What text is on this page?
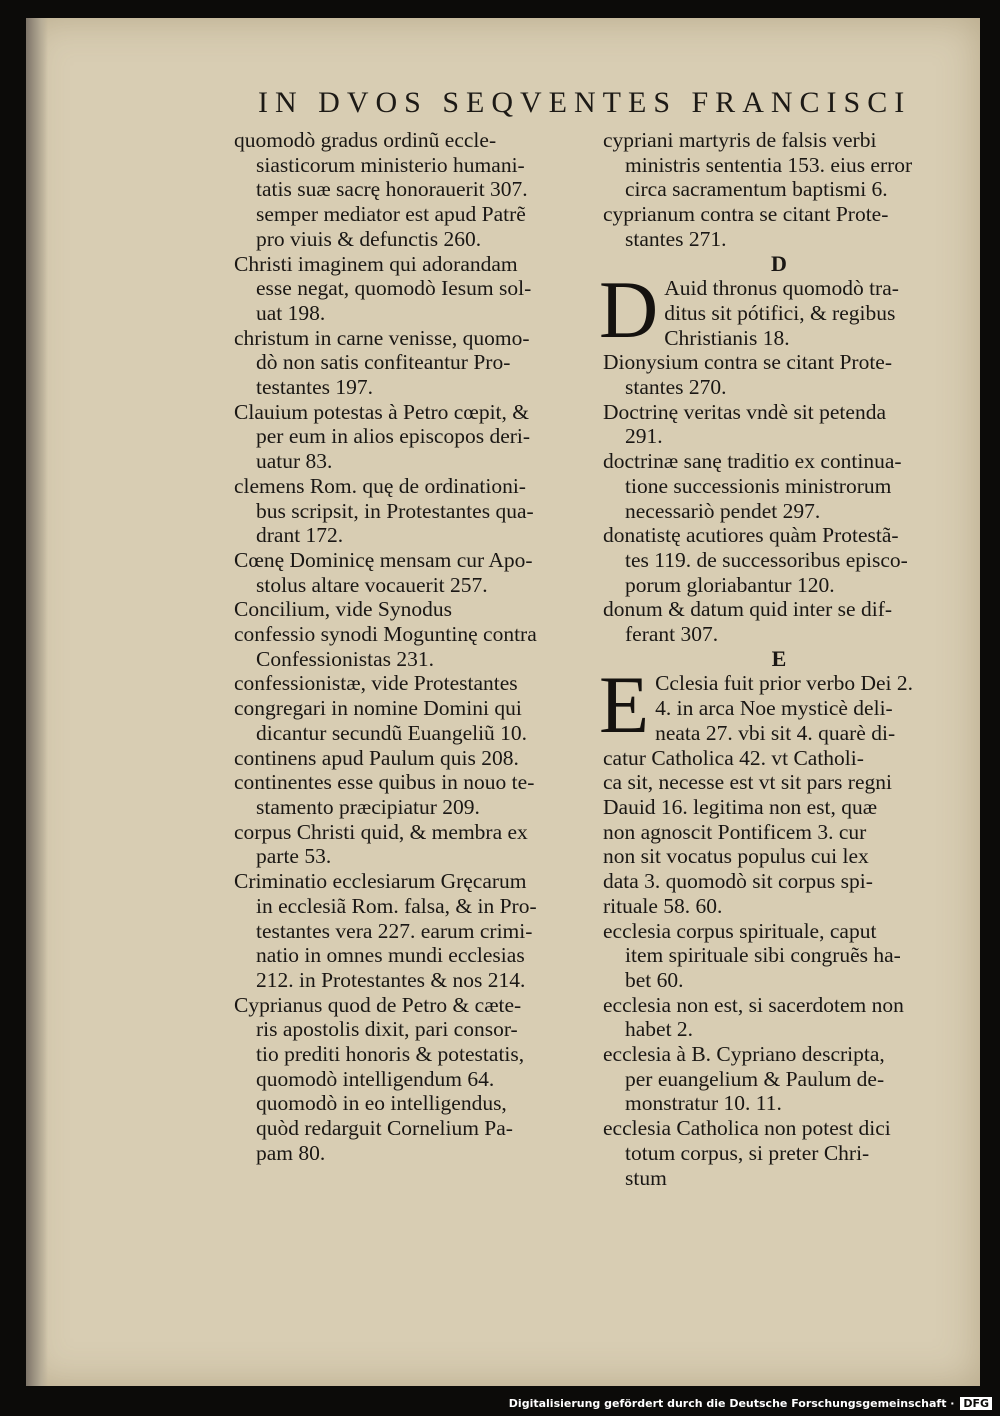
IN DVOS SEQVENTES FRANCISCI
quomodò gradus ordinũ eccle-
siasticorum ministerio humani-
tatis suæ sacrę honorauerit 307.
semper mediator est apud Patrẽ
pro viuis & defunctis 260.
Christi imaginem qui adorandam
esse negat, quomodò Iesum sol-
uat 198.
christum in carne venisse, quomo-
dò non satis confiteantur Pro-
testantes 197.
Clauium potestas à Petro cœpit, &
per eum in alios episcopos deri-
uatur 83.
clemens Rom. quę de ordinationi-
bus scripsit, in Protestantes qua-
drant 172.
Cœnę Dominicę mensam cur Apo-
stolus altare vocauerit 257.
Concilium, vide Synodus
confessio synodi Moguntinę contra
Confessionistas 231.
confessionistæ, vide Protestantes
congregari in nomine Domini qui
dicantur secundũ Euangeliũ 10.
continens apud Paulum quis 208.
continentes esse quibus in nouo te-
stamento præcipiatur 209.
corpus Christi quid, & membra ex
parte 53.
Criminatio ecclesiarum Gręcarum
in ecclesiã Rom. falsa, & in Pro-
testantes vera 227. earum crimi-
natio in omnes mundi ecclesias
212. in Protestantes & nos 214.
Cyprianus quod de Petro & cæte-
ris apostolis dixit, pari consor-
tio prediti honoris & potestatis,
quomodò intelligendum 64.
quomodò in eo intelligendus,
quòd redarguit Cornelium Pa-
pam 80.
cypriani martyris de falsis verbi
ministris sententia 153. eius error
circa sacramentum baptismi 6.
cyprianum contra se citant Prote-
stantes 271.
D
D Auid thronus quomodò tra-
ditus sit pótifici, & regibus
Christianis 18.
Dionysium contra se citant Prote-
stantes 270.
Doctrinę veritas vndè sit petenda
291.
doctrinæ sanę traditio ex continua-
tione successionis ministrorum
necessariò pendet 297.
donatistę acutiores quàm Protestã-
tes 119. de successoribus episco-
porum gloriabantur 120.
donum & datum quid inter se dif-
ferant 307.
E
E Cclesia fuit prior verbo Dei 2.
4. in arca Noe mysticè deli-
neata 27. vbi sit 4. quarè di-
catur Catholica 42. vt Catholi-
ca sit, necesse est vt sit pars regni
Dauid 16. legitima non est, quæ
non agnoscit Pontificem 3. cur
non sit vocatus populus cui lex
data 3. quomodò sit corpus spi-
rituale 58. 60.
ecclesia corpus spirituale, caput
item spirituale sibi congruẽs ha-
bet 60.
ecclesia non est, si sacerdotem non
habet 2.
ecclesia à B. Cypriano descripta,
per euangelium & Paulum de-
monstratur 10. 11.
ecclesia Catholica non potest dici
totum corpus, si preter Chri-
stum
Digitalisierung gefördert durch die Deutsche Forschungsgemeinschaft · DFG
